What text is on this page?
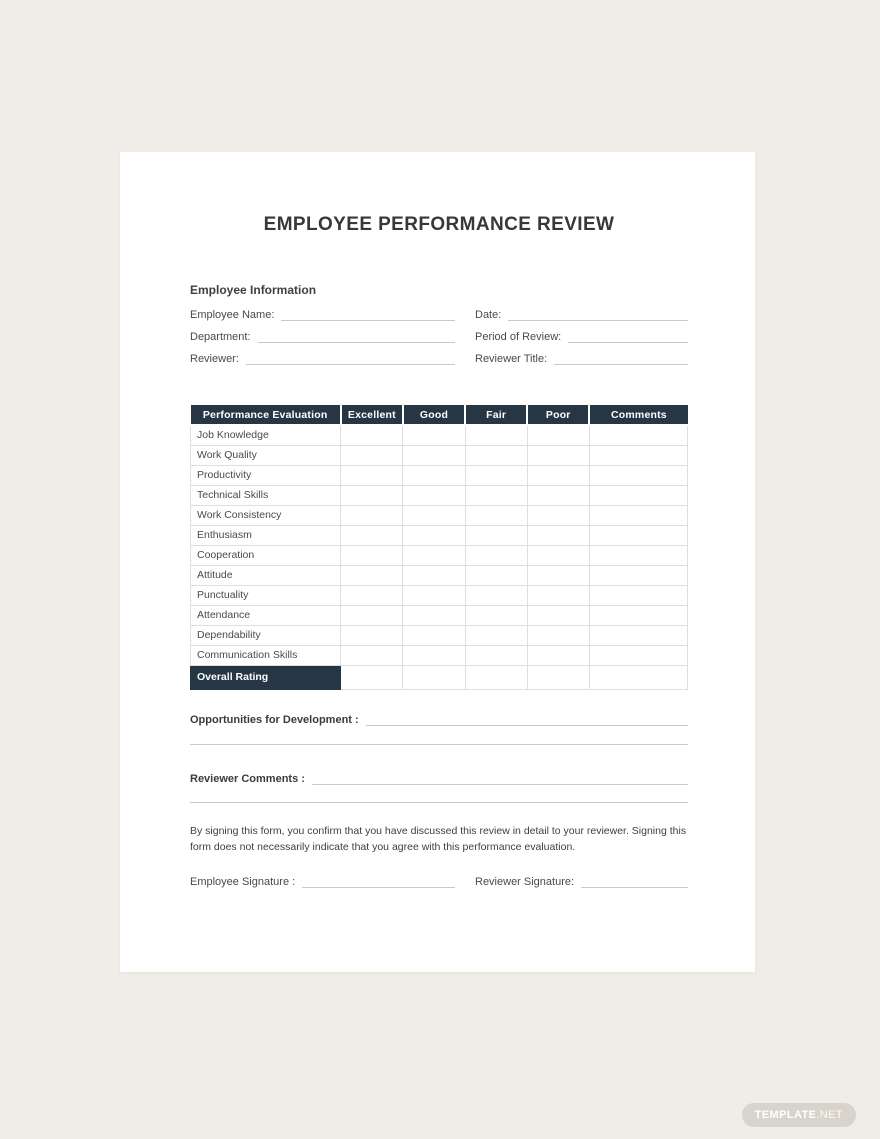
EMPLOYEE PERFORMANCE REVIEW
Employee Information
Employee Name:	Date:
Department:	Period of Review:
Reviewer:	Reviewer Title:
Performance Evaluation	Excellent	Good	Fair	Poor	Comments
Job Knowledge					
Work Quality					
Productivity					
Technical Skills					
Work Consistency					
Enthusiasm					
Cooperation					
Attitude					
Punctuality					
Attendance					
Dependability					
Communication Skills					
Overall Rating					
Opportunities for Development :
Reviewer Comments :

By signing this form, you confirm that you have discussed this review in detail to your reviewer. Signing this form does not necessarily indicate that you agree with this performance evaluation.

Employee Signature :	Reviewer Signature:
TEMPLATE.NET
